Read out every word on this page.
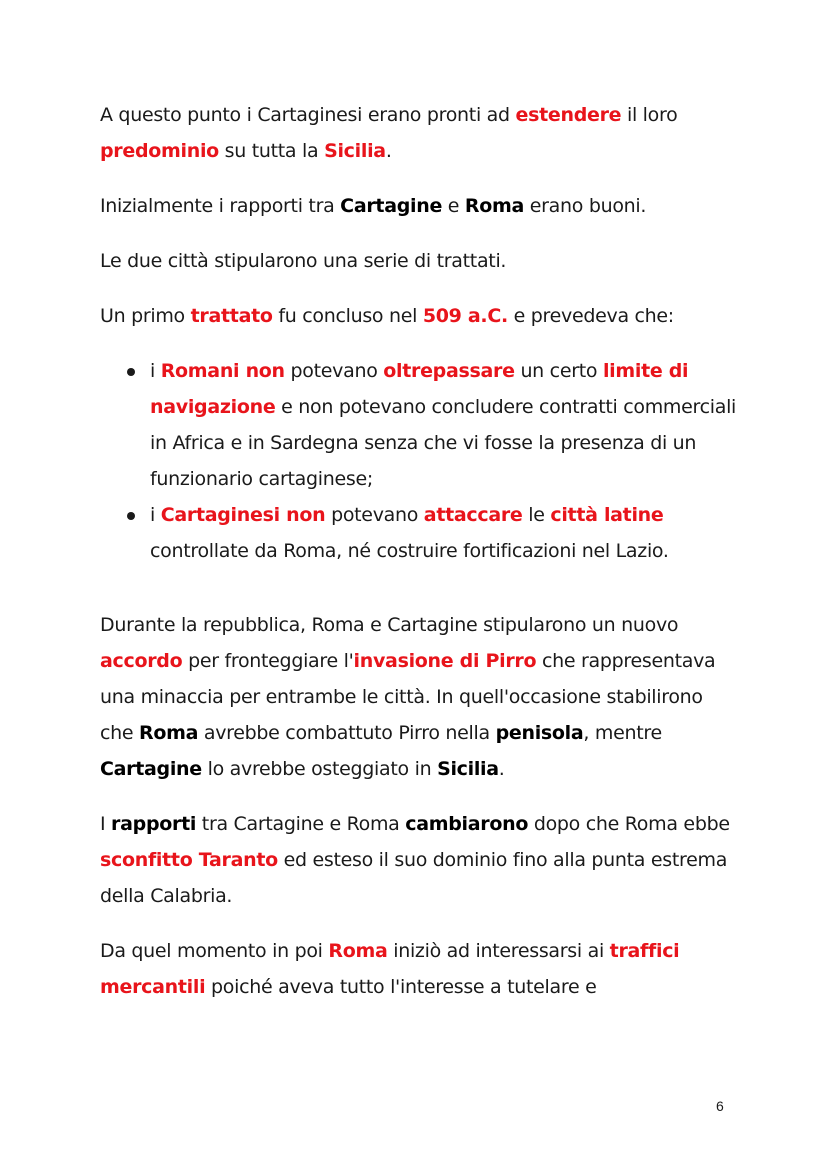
A questo punto i Cartaginesi erano pronti ad estendere il loro predominio su tutta la Sicilia.

Inizialmente i rapporti tra Cartagine e Roma erano buoni.

Le due città stipularono una serie di trattati.

Un primo trattato fu concluso nel 509 a.C. e prevedeva che:

i Romani non potevano oltrepassare un certo limite di navigazione e non potevano concludere contratti commerciali in Africa e in Sardegna senza che vi fosse la presenza di un funzionario cartaginese;
i Cartaginesi non potevano attaccare le città latine controllate da Roma, né costruire fortificazioni nel Lazio.

Durante la repubblica, Roma e Cartagine stipularono un nuovo accordo per fronteggiare l'invasione di Pirro che rappresentava una minaccia per entrambe le città. In quell'occasione stabilirono che Roma avrebbe combattuto Pirro nella penisola, mentre Cartagine lo avrebbe osteggiato in Sicilia.

I rapporti tra Cartagine e Roma cambiarono dopo che Roma ebbe sconfitto Taranto ed esteso il suo dominio fino alla punta estrema della Calabria.

Da quel momento in poi Roma iniziò ad interessarsi ai traffici mercantili poiché aveva tutto l'interesse a tutelare e

6
